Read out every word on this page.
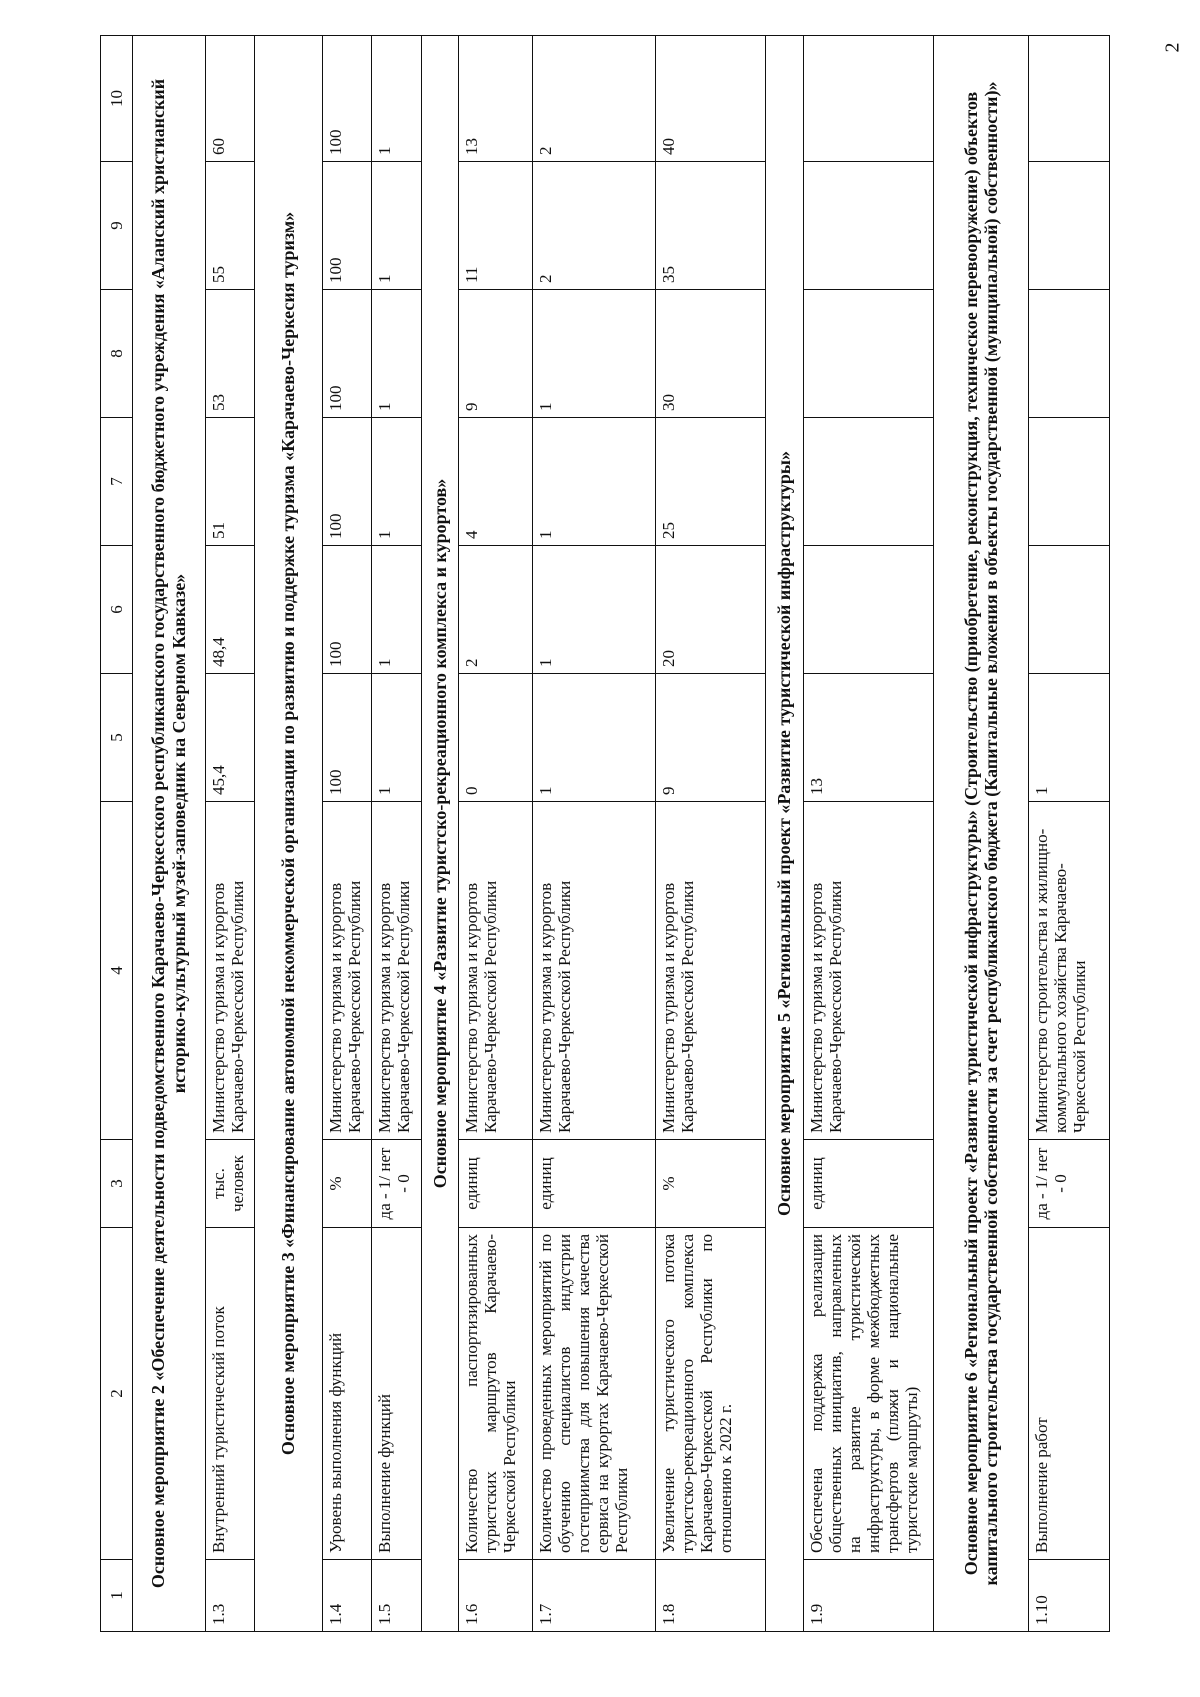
2
1	2	3	4	5	6	7	8	9	10
Основное мероприятие 2 «Обеспечение деятельности подведомственного Карачаево-Черкесского республиканского государственного бюджетного учреждения «Аланский христианский историко-культурный музей-заповедник на Северном Кавказе»									
1.3	Внутренний туристический поток	тыс. человек	Министерство туризма и курортов Карачаево-Черкесской Республики	45,4	48,4	51	53	55	60
Основное мероприятие 3 «Финансирование автономной некоммерческой организации по развитию и поддержке туризма «Карачаево-Черкесия туризм»									
1.4	Уровень выполнения функций	%	Министерство туризма и курортов Карачаево-Черкесской Республики	100	100	100	100	100	100
1.5	Выполнение функций	да - 1/ нет - 0	Министерство туризма и курортов Карачаево-Черкесской Республики	1	1	1	1	1	1
Основное мероприятие 4 «Развитие туристско-рекреационного комплекса и курортов»									
1.6	Количество паспортизированных туристских маршрутов Карачаево-Черкесской Республики	единиц	Министерство туризма и курортов Карачаево-Черкесской Республики	0	2	4	9	11	13
1.7	Количество проведенных мероприятий по обучению специалистов индустрии гостеприимства для повышения качества сервиса на курортах Карачаево-Черкесской Республики	единиц	Министерство туризма и курортов Карачаево-Черкесской Республики	1	1	1	1	2	2
1.8	Увеличение туристического потока туристско-рекреационного комплекса Карачаево-Черкесской Республики по отношению к 2022 г.	%	Министерство туризма и курортов Карачаево-Черкесской Республики	9	20	25	30	35	40
Основное мероприятие 5 «Региональный проект «Развитие туристической инфраструктуры»									
1.9	Обеспечена поддержка реализации общественных инициатив, направленных на развитие туристической инфраструктуры, в форме межбюджетных трансфертов (пляжи и национальные туристские маршруты)	единиц	Министерство туризма и курортов Карачаево-Черкесской Республики	13					
Основное мероприятие 6 «Региональный проект «Развитие туристической инфраструктуры» (Строительство (приобретение, реконструкция, техническое перевооружение) объектов капитального строительства государственной собственности за счет республиканского бюджета (Капитальные вложения в объекты государственной (муниципальной) собственности)»									
1.10	Выполнение работ	да - 1/ нет - 0	Министерство строительства и жилищно-коммунального хозяйства Карачаево-Черкесской Республики	1					
